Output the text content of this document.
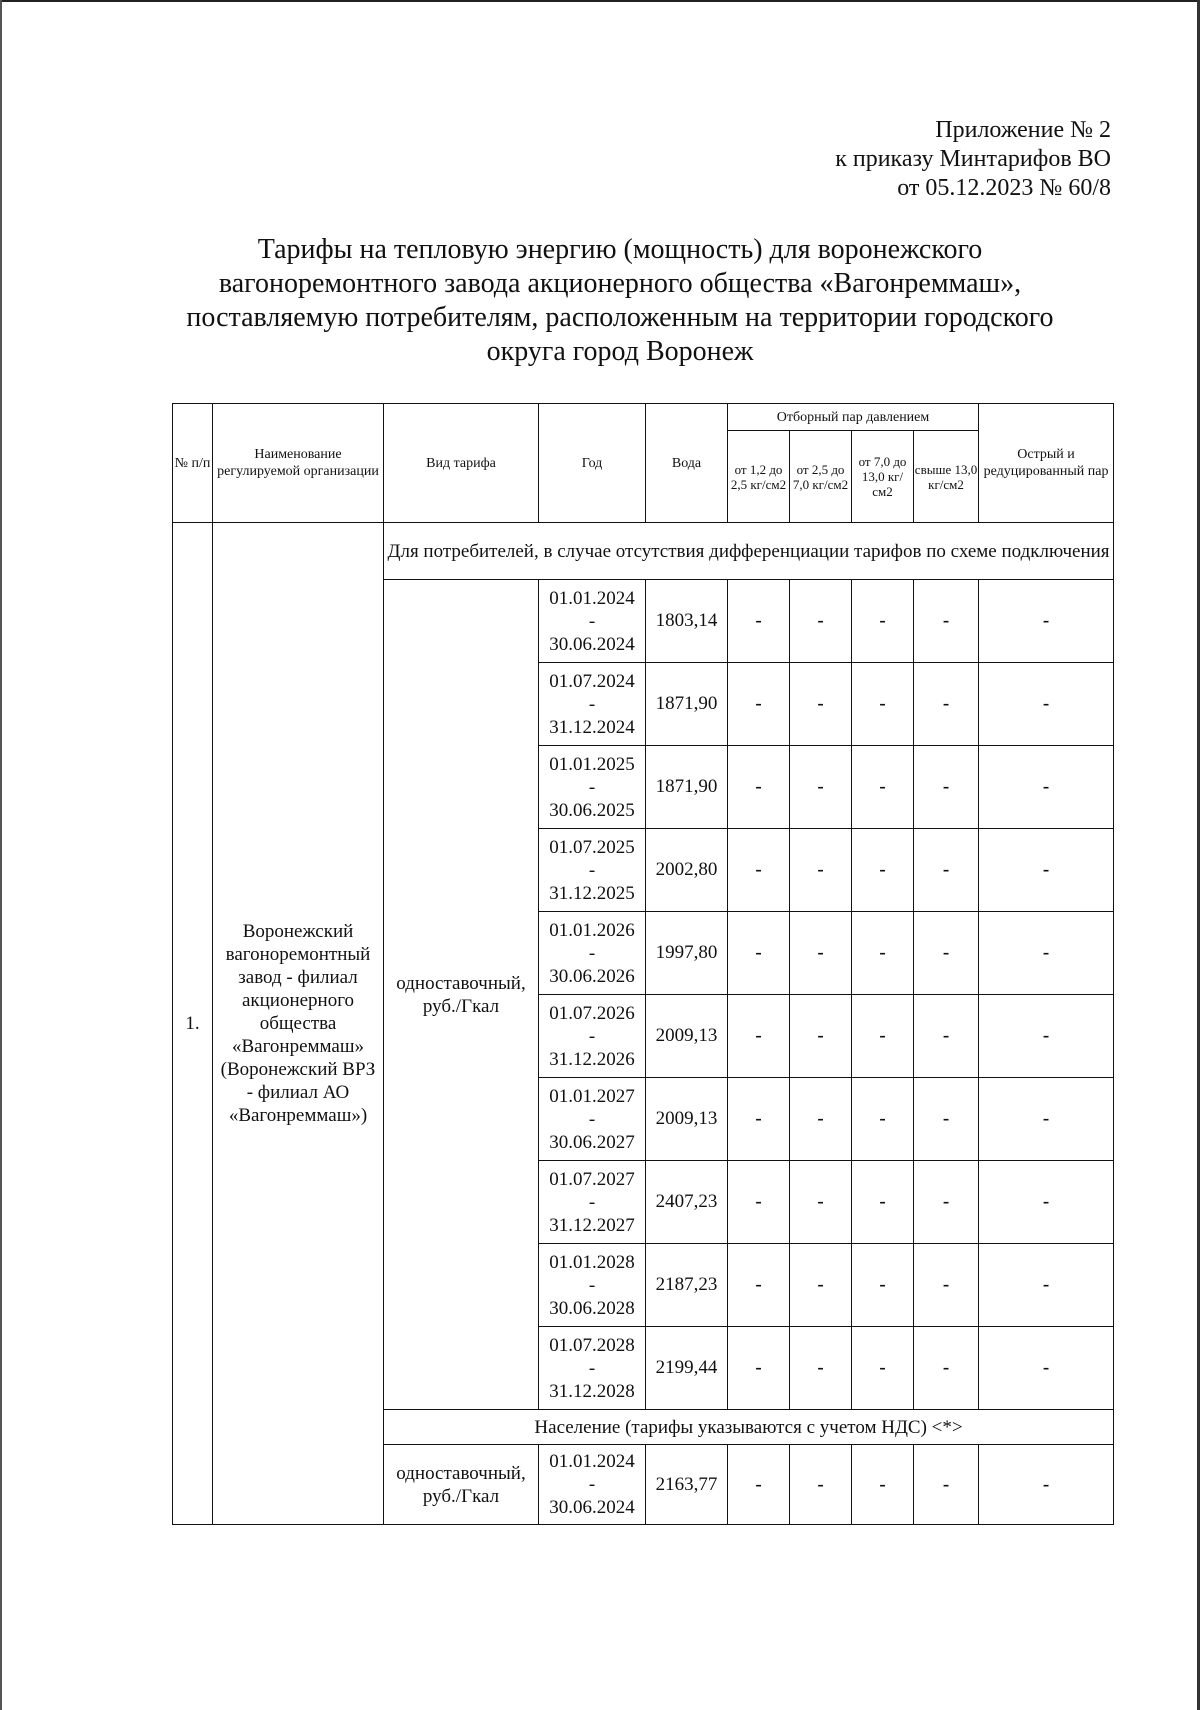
Приложение № 2
к приказу Минтарифов ВО
от 05.12.2023 № 60/8
Тарифы на тепловую энергию (мощность) для воронежского
вагоноремонтного завода акционерного общества «Вагонреммаш»,
поставляемую потребителям, расположенным на территории городского
округа город Воронеж
№ п/п	Наименование регулируемой организации	Вид тарифа	Год	Вода	Отборный пар давлением				Острый и редуцированный пар
					от 1,2 до 2,5 кг/см2	от 2,5 до 7,0 кг/см2	от 7,0 до 13,0 кг/см2	свыше 13,0 кг/см2	
1.	Воронежский вагоноремонтный завод - филиал акционерного общества «Вагонреммаш» (Воронежский ВРЗ - филиал АО «Вагонреммаш»)	Для потребителей, в случае отсутствия дифференциации тарифов по схеме подключения							
		одноставочный, руб./Гкал	01.01.2024
-
30.06.2024	1803,14	-	-	-	-	-

			01.07.2024
-
31.12.2024	1871,90	-	-	-	-	-

			01.01.2025
-
30.06.2025	1871,90	-	-	-	-	-

			01.07.2025
-
31.12.2025	2002,80	-	-	-	-	-

			01.01.2026
-
30.06.2026	1997,80	-	-	-	-	-

			01.07.2026
-
31.12.2026	2009,13	-	-	-	-	-

			01.01.2027
-
30.06.2027	2009,13	-	-	-	-	-

			01.07.2027
-
31.12.2027	2407,23	-	-	-	-	-

			01.01.2028
-
30.06.2028	2187,23	-	-	-	-	-

			01.07.2028
-
31.12.2028	2199,44	-	-	-	-	-
		Население (тарифы указываются с учетом НДС) <*>							
		одноставочный, руб./Гкал	01.01.2024
-
30.06.2024	2163,77	-	-	-	-	-
